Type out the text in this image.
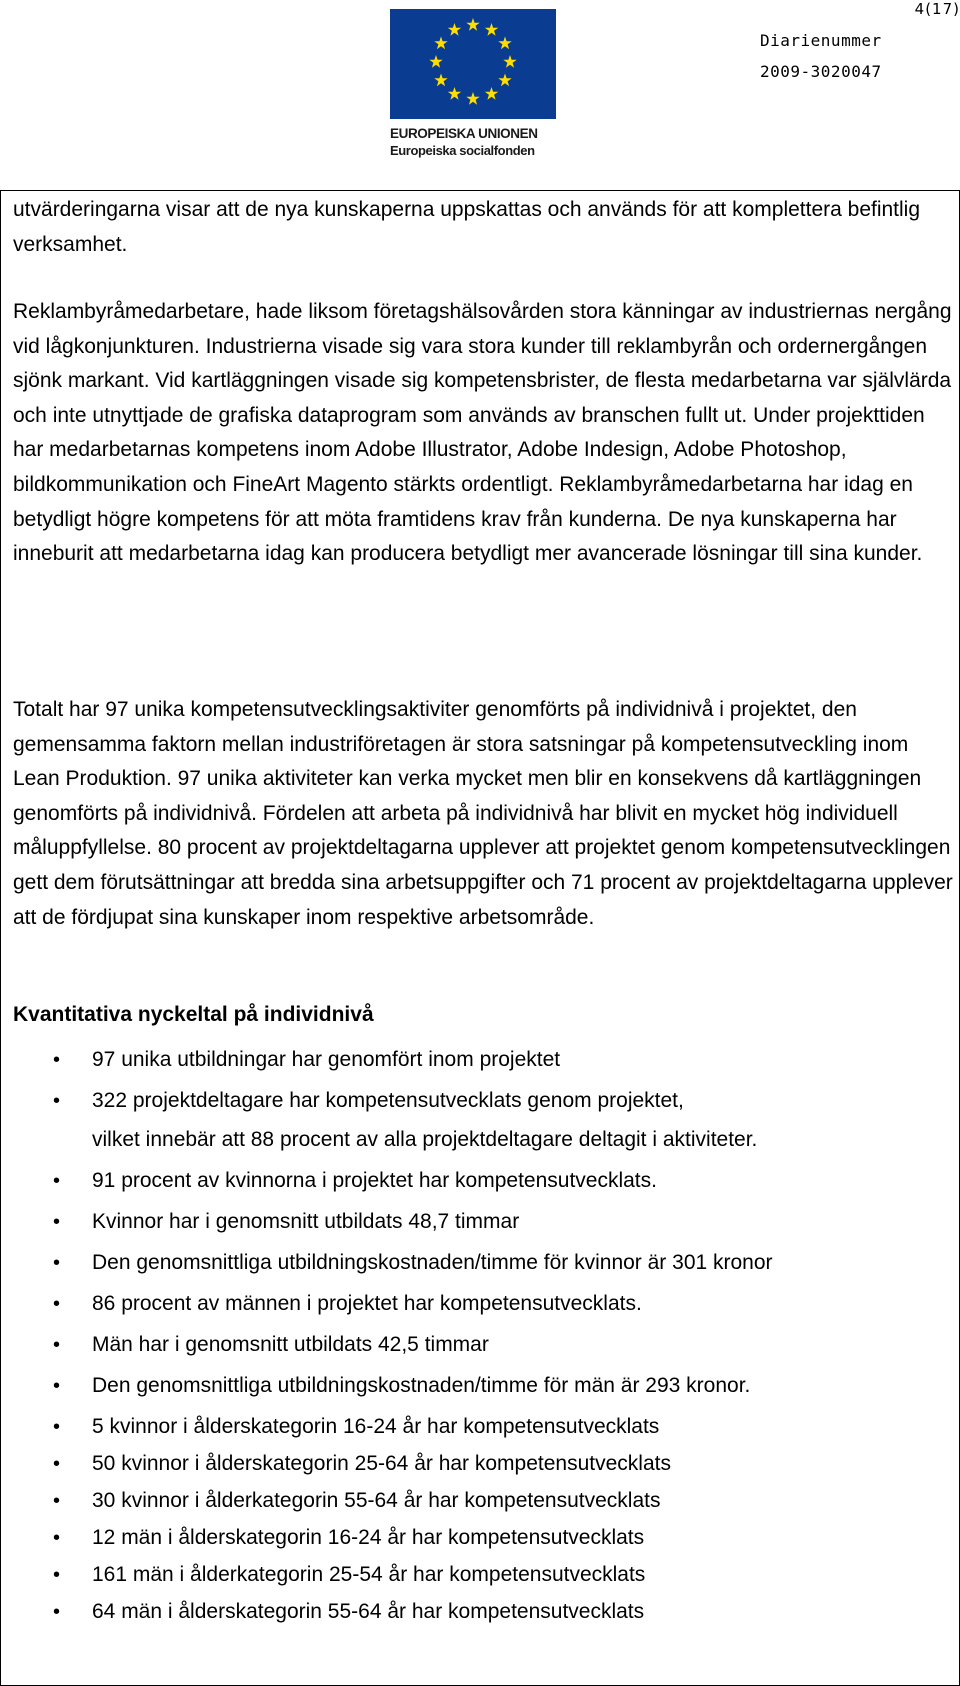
4(17)
EUROPEISKA UNIONEN
Europeiska socialfonden
Diarienummer
2009-3020047

utvärderingarna visar att de nya kunskaperna uppskattas och används för att komplettera befintlig verksamhet.

Reklambyråmedarbetare, hade liksom företagshälsovården stora känningar av industriernas nergång vid lågkonjunkturen. Industrierna visade sig vara stora kunder till reklambyrån och ordernergången sjönk markant. Vid kartläggningen visade sig kompetensbrister, de flesta medarbetarna var självlärda och inte utnyttjade de grafiska dataprogram som används av branschen fullt ut. Under projekttiden har medarbetarnas kompetens inom Adobe Illustrator, Adobe Indesign, Adobe Photoshop, bildkommunikation och FineArt Magento stärkts ordentligt. Reklambyråmedarbetarna har idag en betydligt högre kompetens för att möta framtidens krav från kunderna. De nya kunskaperna har inneburit att medarbetarna idag kan producera betydligt mer avancerade lösningar till sina kunder.

Totalt har 97 unika kompetensutvecklingsaktiviter genomförts på individnivå i projektet, den gemensamma faktorn mellan industriföretagen är stora satsningar på kompetensutveckling inom Lean Produktion. 97 unika aktiviteter kan verka mycket men blir en konsekvens då kartläggningen genomförts på individnivå. Fördelen att arbeta på individnivå har blivit en mycket hög individuell måluppfyllelse. 80 procent av projektdeltagarna upplever att projektet genom kompetensutvecklingen gett dem förutsättningar att bredda sina arbetsuppgifter och 71 procent av projektdeltagarna upplever att de fördjupat sina kunskaper inom respektive arbetsområde.

Kvantitativa nyckeltal på individnivå
• 97 unika utbildningar har genomfört inom projektet
• 322 projektdeltagare har kompetensutvecklats genom projektet,
vilket innebär att 88 procent av alla projektdeltagare deltagit i aktiviteter.
• 91 procent av kvinnorna i projektet har kompetensutvecklats.
• Kvinnor har i genomsnitt utbildats 48,7 timmar
• Den genomsnittliga utbildningskostnaden/timme för kvinnor är 301 kronor
• 86 procent av männen i projektet har kompetensutvecklats.
• Män har i genomsnitt utbildats 42,5 timmar
• Den genomsnittliga utbildningskostnaden/timme för män är 293 kronor.
• 5 kvinnor i ålderskategorin 16-24 år har kompetensutvecklats
• 50 kvinnor i ålderskategorin 25-64 år har kompetensutvecklats
• 30 kvinnor i ålderkategorin 55-64 år har kompetensutvecklats
• 12 män i ålderskategorin 16-24 år har kompetensutvecklats
• 161 män i ålderkategorin 25-54 år har kompetensutvecklats
• 64 män i ålderskategorin 55-64 år har kompetensutvecklats
